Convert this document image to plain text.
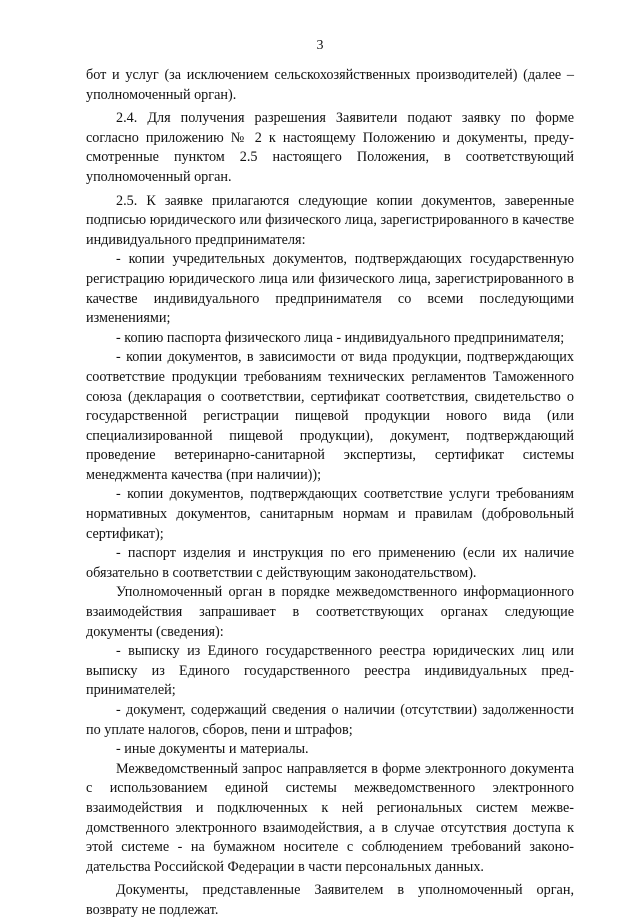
3

бот и услуг (за исключением сельскохозяйственных производителей) (далее – уполномоченный орган).

2.4. Для получения разрешения Заявители подают заявку по форме согласно приложению № 2 к настоящему Положению и документы, предусмотренные пунктом 2.5 настоящего Положения, в соответствующий уполномоченный орган.

2.5. К заявке прилагаются следующие копии документов, заверенные подписью юридического или физического лица, зарегистрированного в качестве индивидуального предпринимателя:

- копии учредительных документов, подтверждающих государственную регистрацию юридического лица или физического лица, зарегистрированного в качестве индивидуального предпринимателя со всеми последующими изменениями;

- копию паспорта физического лица - индивидуального предпринимателя;

- копии документов, в зависимости от вида продукции, подтверждающих соответствие продукции требованиям технических регламентов Таможенного союза (декларация о соответствии, сертификат соответствия, свидетельство о государственной регистрации пищевой продукции нового вида (или специализированной пищевой продукции), документ, подтверждающий проведение ветеринарно-санитарной экспертизы, сертификат системы менеджмента качества (при наличии));

- копии документов, подтверждающих соответствие услуги требованиям нормативных документов, санитарным нормам и правилам (добровольный сертификат);

- паспорт изделия и инструкция по его применению (если их наличие обязательно в соответствии с действующим законодательством).

Уполномоченный орган в порядке межведомственного информационного взаимодействия запрашивает в соответствующих органах следующие документы (сведения):

- выписку из Единого государственного реестра юридических лиц или выписку из Единого государственного реестра индивидуальных предпринимателей;

- документ, содержащий сведения о наличии (отсутствии) задолженности по уплате налогов, сборов, пени и штрафов;

- иные документы и материалы.

Межведомственный запрос направляется в форме электронного документа с использованием единой системы межведомственного электронного взаимодействия и подключенных к ней региональных систем межведомственного электронного взаимодействия, а в случае отсутствия доступа к этой системе - на бумажном носителе с соблюдением требований законодательства Российской Федерации в части персональных данных.

Документы, представленные Заявителем в уполномоченный орган, возврату не подлежат.
